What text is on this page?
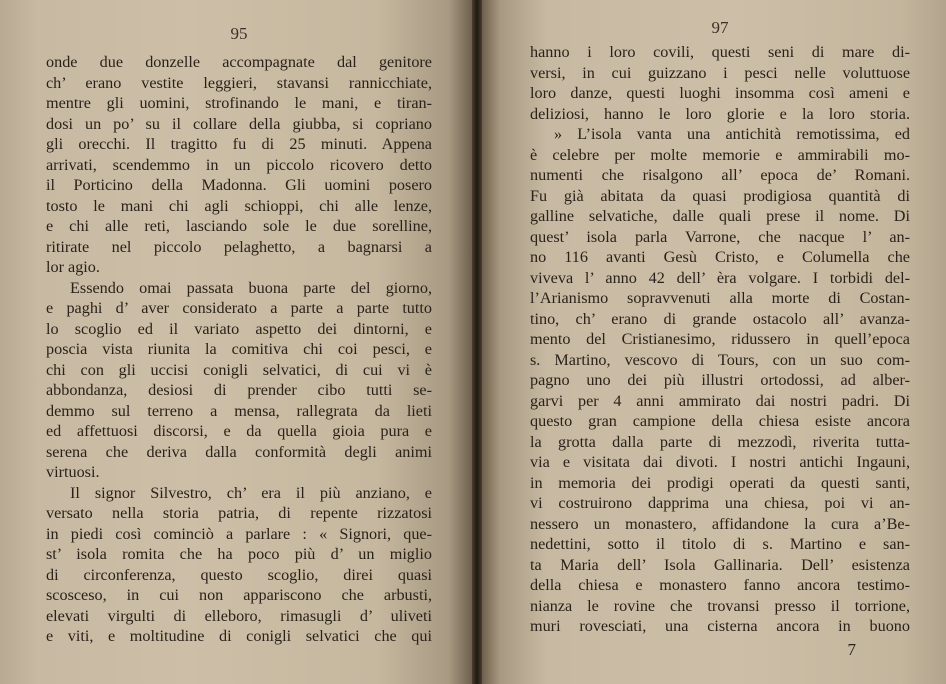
95
onde due donzelle accompagnate dal genitore
ch’ erano vestite leggieri, stavansi rannicchiate,
mentre gli uomini, strofinando le mani, e tiran-
dosi un po’ su il collare della giubba, si copriano
gli orecchi. Il tragitto fu di 25 minuti. Appena
arrivati, scendemmo in un piccolo ricovero detto
il Porticino della Madonna. Gli uomini posero
tosto le mani chi agli schioppi, chi alle lenze,
e chi alle reti, lasciando sole le due sorelline,
ritirate nel piccolo pelaghetto, a bagnarsi a
lor agio.
Essendo omai passata buona parte del giorno,
e paghi d’ aver considerato a parte a parte tutto
lo scoglio ed il variato aspetto dei dintorni, e
poscia vista riunita la comitiva chi coi pesci, e
chi con gli uccisi conigli selvatici, di cui vi è
abbondanza, desiosi di prender cibo tutti se-
demmo sul terreno a mensa, rallegrata da lieti
ed affettuosi discorsi, e da quella gioia pura e
serena che deriva dalla conformità degli animi
virtuosi.
Il signor Silvestro, ch’ era il più anziano, e
versato nella storia patria, di repente rizzatosi
in piedi così cominciò a parlare : « Signori, que-
st’ isola romita che ha poco più d’ un miglio
di circonferenza, questo scoglio, direi quasi
scosceso, in cui non appariscono che arbusti,
elevati virgulti di elleboro, rimasugli d’ uliveti
e viti, e moltitudine di conigli selvatici che qui
97
hanno i loro covili, questi seni di mare di-
versi, in cui guizzano i pesci nelle voluttuose
loro danze, questi luoghi insomma così ameni e
deliziosi, hanno le loro glorie e la loro storia.
» L’isola vanta una antichità remotissima, ed
è celebre per molte memorie e ammirabili mo-
numenti che risalgono all’ epoca de’ Romani.
Fu già abitata da quasi prodigiosa quantità di
galline selvatiche, dalle quali prese il nome. Di
quest’ isola parla Varrone, che nacque l’ an-
no 116 avanti Gesù Cristo, e Columella che
viveva l’ anno 42 dell’ èra volgare. I torbidi del-
l’Arianismo sopravvenuti alla morte di Costan-
tino, ch’ erano di grande ostacolo all’ avanza-
mento del Cristianesimo, ridussero in quell’epoca
s. Martino, vescovo di Tours, con un suo com-
pagno uno dei più illustri ortodossi, ad alber-
garvi per 4 anni ammirato dai nostri padri. Di
questo gran campione della chiesa esiste ancora
la grotta dalla parte di mezzodì, riverita tutta-
via e visitata dai divoti. I nostri antichi Ingauni,
in memoria dei prodigi operati da questi santi,
vi costruirono dapprima una chiesa, poi vi an-
nessero un monastero, affidandone la cura a’Be-
nedettini, sotto il titolo di s. Martino e san-
ta Maria dell’ Isola Gallinaria. Dell’ esistenza
della chiesa e monastero fanno ancora testimo-
nianza le rovine che trovansi presso il torrione,
muri rovesciati, una cisterna ancora in buono
7
